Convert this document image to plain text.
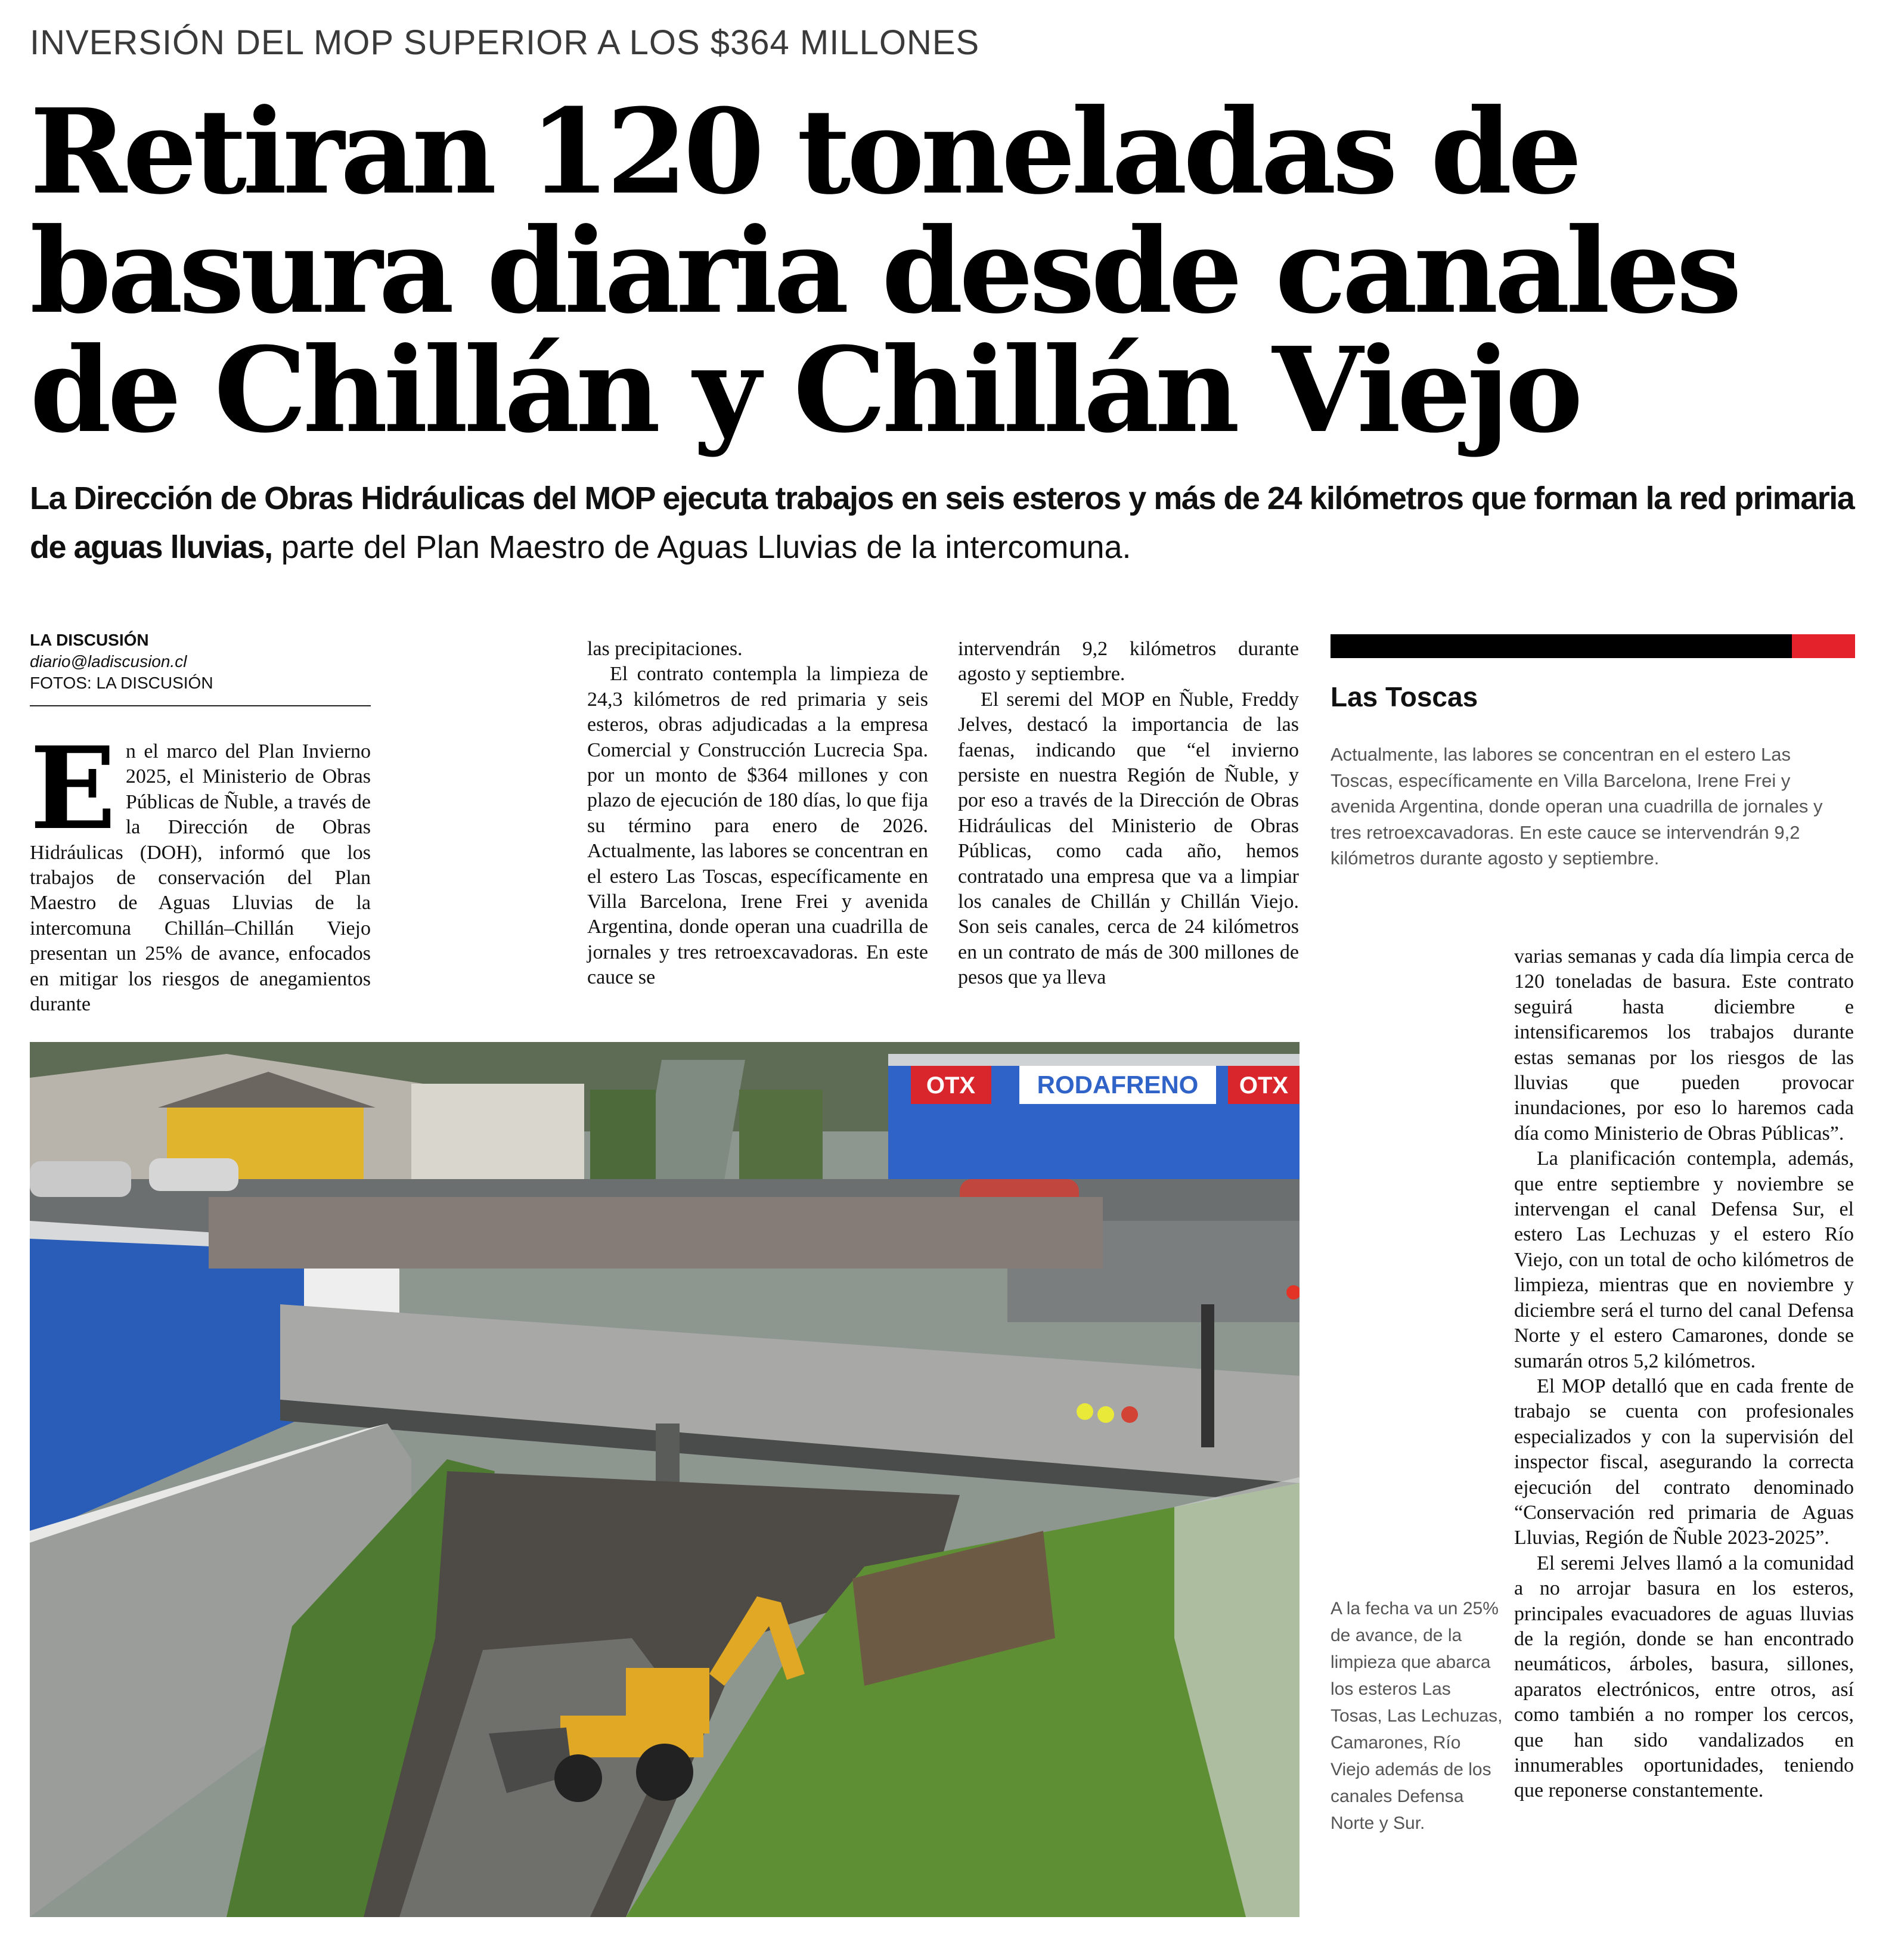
INVERSIÓN DEL MOP SUPERIOR A LOS $364 MILLONES
Retiran 120 toneladas de
basura diaria desde canales
de Chillán y Chillán Viejo

La Dirección de Obras Hidráulicas del MOP ejecuta trabajos en seis esteros y más de 24 kilómetros que forman la red primaria de aguas lluvias, parte del Plan Maestro de Aguas Lluvias de la intercomuna.

LA DISCUSIÓN
diario@ladiscusion.cl
FOTOS: LA DISCUSIÓN
E n el marco del Plan Invierno 2025, el Ministerio de Obras Públicas de Ñuble, a través de la Dirección de Obras Hidráulicas (DOH), informó que los trabajos de conservación del Plan Maestro de Aguas Lluvias de la intercomuna Chillán–Chillán Viejo presentan un 25% de avance, enfocados en mitigar los riesgos de anegamientos durante

las precipitaciones.

El contrato contempla la limpieza de 24,3 kilómetros de red primaria y seis esteros, obras adjudicadas a la empresa Comercial y Construcción Lucrecia Spa. por un monto de $364 millones y con plazo de ejecución de 180 días, lo que fija su término para enero de 2026. Actualmente, las labores se concentran en el estero Las Toscas, específicamente en Villa Barcelona, Irene Frei y avenida Argentina, donde operan una cuadrilla de jornales y tres retroexcavadoras. En este cauce se

intervendrán 9,2 kilómetros durante agosto y septiembre.

El seremi del MOP en Ñuble, Freddy Jelves, destacó la importancia de las faenas, indicando que “el invierno persiste en nuestra Región de Ñuble, y por eso a través de la Dirección de Obras Hidráulicas del Ministerio de Obras Públicas, como cada año, hemos contratado una empresa que va a limpiar los canales de Chillán y Chillán Viejo. Son seis canales, cerca de 24 kilómetros en un contrato de más de 300 millones de pesos que ya lleva

Las Toscas
Actualmente, las labores se concentran en el estero Las Toscas, específicamente en Villa Barcelona, Irene Frei y avenida Argentina, donde operan una cuadrilla de jornales y tres retroexcavadoras. En este cauce se intervendrán 9,2 kilómetros durante agosto y septiembre.
OTX RODAFRENO OTX
A la fecha va un 25% de avance, de la limpieza que abarca los esteros Las Tosas, Las Lechuzas, Camarones, Río Viejo además de los canales Defensa Norte y Sur.

varias semanas y cada día limpia cerca de 120 toneladas de basura. Este contrato seguirá hasta diciembre e intensificaremos los trabajos durante estas semanas por los riesgos de las lluvias que pueden provocar inundaciones, por eso lo haremos cada día como Ministerio de Obras Públicas”.

La planificación contempla, además, que entre septiembre y noviembre se intervengan el canal Defensa Sur, el estero Las Lechuzas y el estero Río Viejo, con un total de ocho kilómetros de limpieza, mientras que en noviembre y diciembre será el turno del canal Defensa Norte y el estero Camarones, donde se sumarán otros 5,2 kilómetros.

El MOP detalló que en cada frente de trabajo se cuenta con profesionales especializados y con la supervisión del inspector fiscal, asegurando la correcta ejecución del contrato denominado “Conservación red primaria de Aguas Lluvias, Región de Ñuble 2023-2025”.

El seremi Jelves llamó a la comunidad a no arrojar basura en los esteros, principales evacuadores de aguas lluvias de la región, donde se han encontrado neumáticos, árboles, basura, sillones, aparatos electrónicos, entre otros, así como también a no romper los cercos, que han sido vandalizados en innumerables oportunidades, teniendo que reponerse constantemente.
